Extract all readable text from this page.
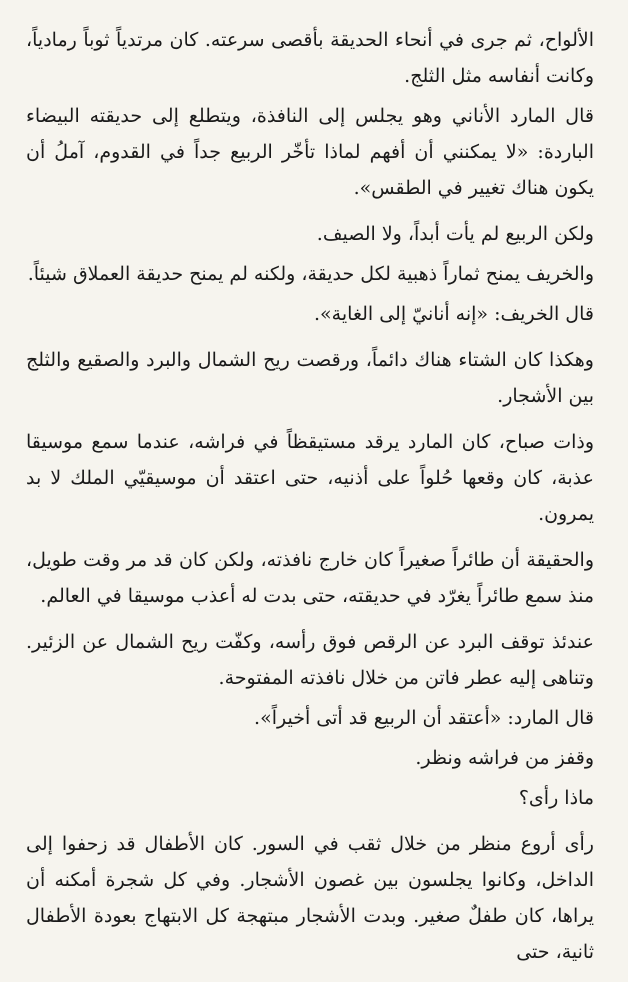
الألواح، ثم جرى في أنحاء الحديقة بأقصى سرعته. كان مرتدياً ثوباً رمادياً، وكانت أنفاسه مثل الثلج.

قال المارد الأناني وهو يجلس إلى النافذة، ويتطلع إلى حديقته البيضاء الباردة: «لا يمكنني أن أفهم لماذا تأخّر الربيع جداً في القدوم، آملُ أن يكون هناك تغيير في الطقس».

ولكن الربيع لم يأت أبداً، ولا الصيف.

والخريف يمنح ثماراً ذهبية لكل حديقة، ولكنه لم يمنح حديقة العملاق شيئاً.

قال الخريف: «إنه أنانيّ إلى الغاية».

وهكذا كان الشتاء هناك دائماً، ورقصت ريح الشمال والبرد والصقيع والثلج بين الأشجار.

وذات صباح، كان المارد يرقد مستيقظاً في فراشه، عندما سمع موسيقا عذبة، كان وقعها حُلواً على أذنيه، حتى اعتقد أن موسيقيّي الملك لا بد يمرون.

والحقيقة أن طائراً صغيراً كان خارج نافذته، ولكن كان قد مر وقت طويل، منذ سمع طائراً يغرّد في حديقته، حتى بدت له أعذب موسيقا في العالم.

عندئذ توقف البرد عن الرقص فوق رأسه، وكفّت ريح الشمال عن الزئير. وتناهى إليه عطر فاتن من خلال نافذته المفتوحة.

قال المارد: «أعتقد أن الربيع قد أتى أخيراً».

وقفز من فراشه ونظر.

ماذا رأى؟

رأى أروع منظر من خلال ثقب في السور. كان الأطفال قد زحفوا إلى الداخل، وكانوا يجلسون بين غصون الأشجار. وفي كل شجرة أمكنه أن يراها، كان طفلٌ صغير. وبدت الأشجار مبتهجة كل الابتهاج بعودة الأطفال ثانية، حتى
